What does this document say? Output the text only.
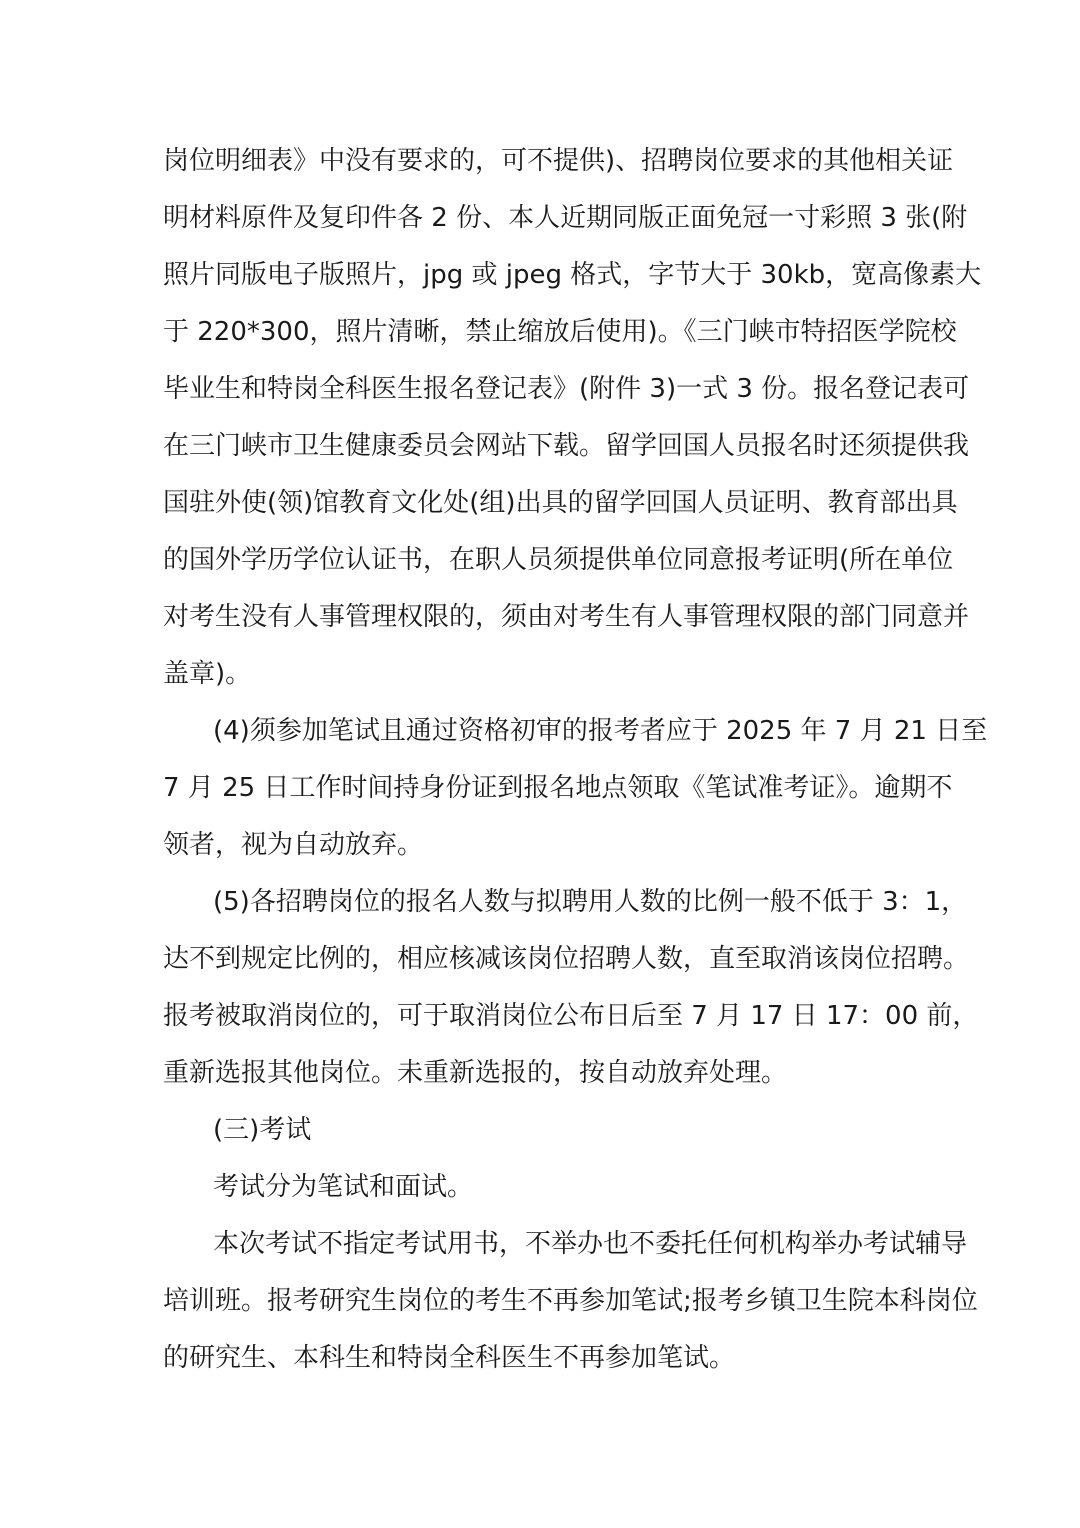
岗位明细表》中没有要求的，可不提供)、招聘岗位要求的其他相关证
明材料原件及复印件各 2 份、本人近期同版正面免冠一寸彩照 3 张(附
照片同版电子版照片，jpg 或 jpeg 格式，字节大于 30kb，宽高像素大
于 220*300，照片清晰，禁止缩放后使用)。《三门峡市特招医学院校
毕业生和特岗全科医生报名登记表》(附件 3)一式 3 份。报名登记表可
在三门峡市卫生健康委员会网站下载。留学回国人员报名时还须提供我
国驻外使(领)馆教育文化处(组)出具的留学回国人员证明、教育部出具
的国外学历学位认证书，在职人员须提供单位同意报考证明(所在单位
对考生没有人事管理权限的，须由对考生有人事管理权限的部门同意并
盖章)。
(4)须参加笔试且通过资格初审的报考者应于 2025 年 7 月 21 日至
7 月 25 日工作时间持身份证到报名地点领取《笔试准考证》。逾期不
领者，视为自动放弃。
(5)各招聘岗位的报名人数与拟聘用人数的比例一般不低于 3：1，
达不到规定比例的，相应核减该岗位招聘人数，直至取消该岗位招聘。
报考被取消岗位的，可于取消岗位公布日后至 7 月 17 日 17：00 前，
重新选报其他岗位。未重新选报的，按自动放弃处理。
(三)考试
考试分为笔试和面试。
本次考试不指定考试用书，不举办也不委托任何机构举办考试辅导
培训班。报考研究生岗位的考生不再参加笔试;报考乡镇卫生院本科岗位
的研究生、本科生和特岗全科医生不再参加笔试。
